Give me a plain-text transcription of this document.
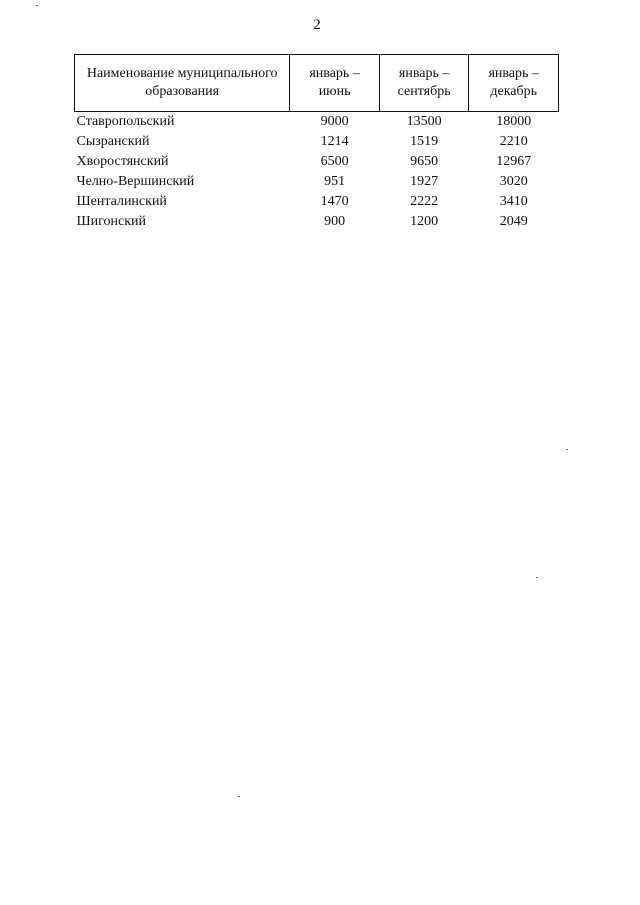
2
Наименование муниципального образования	январь – июнь	январь – сентябрь	январь – декабрь
Ставропольский	9000	13500	18000
Сызранский	1214	1519	2210
Хворостянский	6500	9650	12967
Челно-Вершинский	951	1927	3020
Шенталинский	1470	2222	3410
Шигонский	900	1200	2049
